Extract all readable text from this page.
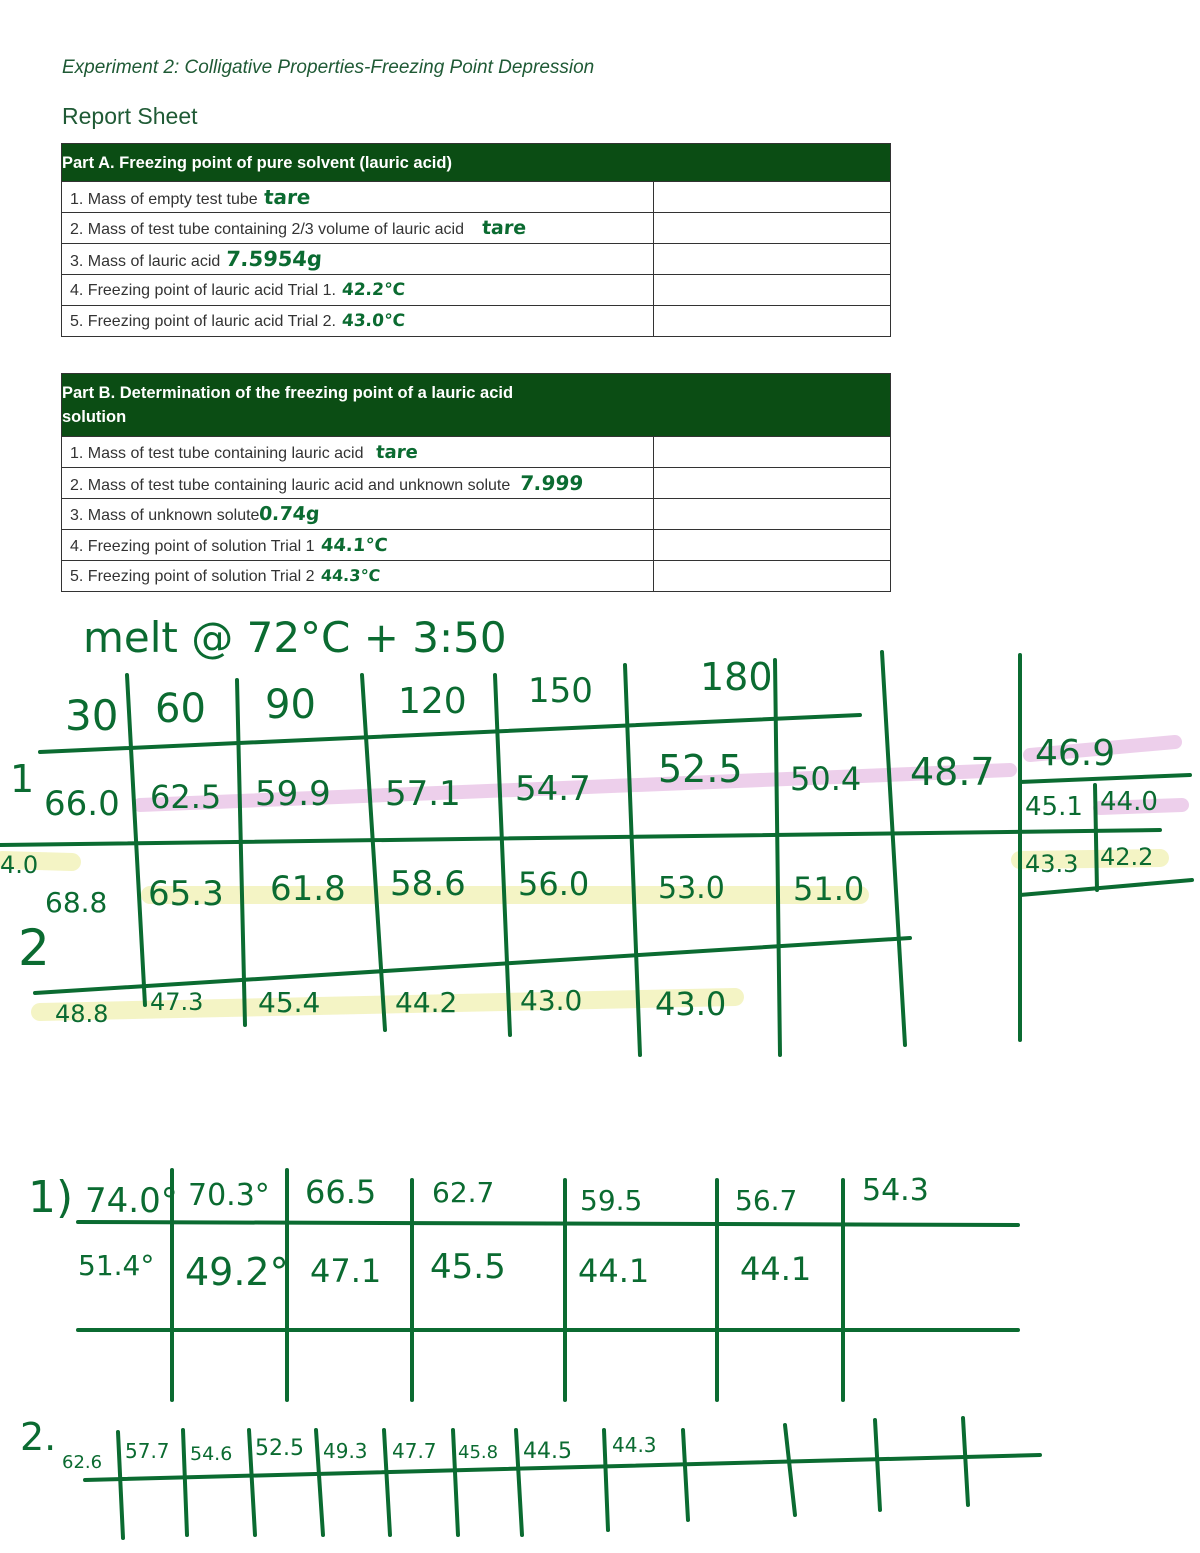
Experiment 2: Colligative Properties-Freezing Point Depression
Report Sheet
Part A. Freezing point of pure solvent (lauric acid)	

1. Mass of empty test tube tare	
2. Mass of test tube containing 2/3 volume of lauric acid tare	
3. Mass of lauric acid 7.5954g	
4. Freezing point of lauric acid Trial 1. 42.2°C	
5. Freezing point of lauric acid Trial 2. 43.0°C	
Part B. Determination of the freezing point of a lauric acid
solution	

1. Mass of test tube containing lauric acid tare	
2. Mass of test tube containing lauric acid and unknown solute 7.999	
3. Mass of unknown solute0.74g	
4. Freezing point of solution Trial 1 44.1°C	
5. Freezing point of solution Trial 2 44.3°C	
melt @ 72°C + 3:50
30 60 90 120 150	180
1
66.0 62.5 59.9 57.1 54.7 52.5 50.4 48.7 46.9
45.1 44.0
43.3 42.2
4.0
68.8 65.3 61.8 58.6 56.0 53.0 51.0
2
48.8 47.3 45.4	44.2 43.0 43.0
1) 74.0° 70.3° 66.5 62.7	59.5	56.7 54.3
51.4° 49.2° 47.1 45.5 44.1	44.1
2.
62.6 57.7 54.6 52.5 49.3 47.7 45.8 44.5 44.3
